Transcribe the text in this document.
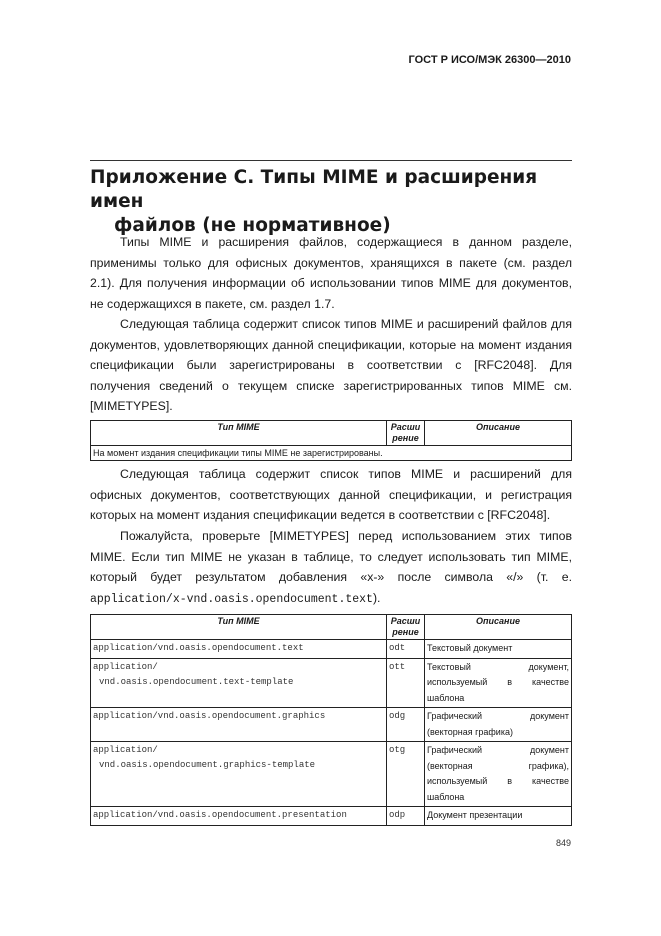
ГОСТ Р ИСО/МЭК 26300—2010
Приложение С. Типы MIME и расширения имен
файлов (не нормативное)
Типы MIME и расширения файлов, содержащиеся в данном разделе,
применимы только для офисных документов, хранящихся в пакете (см. раздел
2.1). Для получения информации об использовании типов MIME для документов,
не содержащихся в пакете, см. раздел 1.7.
Следующая таблица содержит список типов MIME и расширений файлов для
документов, удовлетворяющих данной спецификации, которые на момент издания
спецификации были зарегистрированы в соответствии с [RFC2048]. Для
получения сведений о текущем списке зарегистрированных типов MIME см.
[MIMETYPES].
Тип MIME	Расши рение	Описание
На момент издания спецификации типы MIME не зарегистрированы.
Следующая таблица содержит список типов MIME и расширений для
офисных документов, соответствующих данной спецификации, и регистрация
которых на момент издания спецификации ведется в соответствии с [RFC2048].
Пожалуйста, проверьте [MIMETYPES] перед использованием этих типов
MIME. Если тип MIME не указан в таблице, то следует использовать тип MIME,
который будет результатом добавления «x-» после символа «/» (т. е.
application/x-vnd.oasis.opendocument.text).
Тип MIME	Расши рение	Описание
application/vnd.oasis.opendocument.text	odt	Текстовый документ
application/
vnd.oasis.opendocument.text-template	ott	Текстовый документ,
используемый в качестве
шаблона

application/vnd.oasis.opendocument.graphics	odg	Графический документ
(векторная графика)

application/
vnd.oasis.opendocument.graphics-template	otg	Графический документ
(векторная графика),
используемый в качестве
шаблона

application/vnd.oasis.opendocument.presentation	odp	Документ презентации
849
